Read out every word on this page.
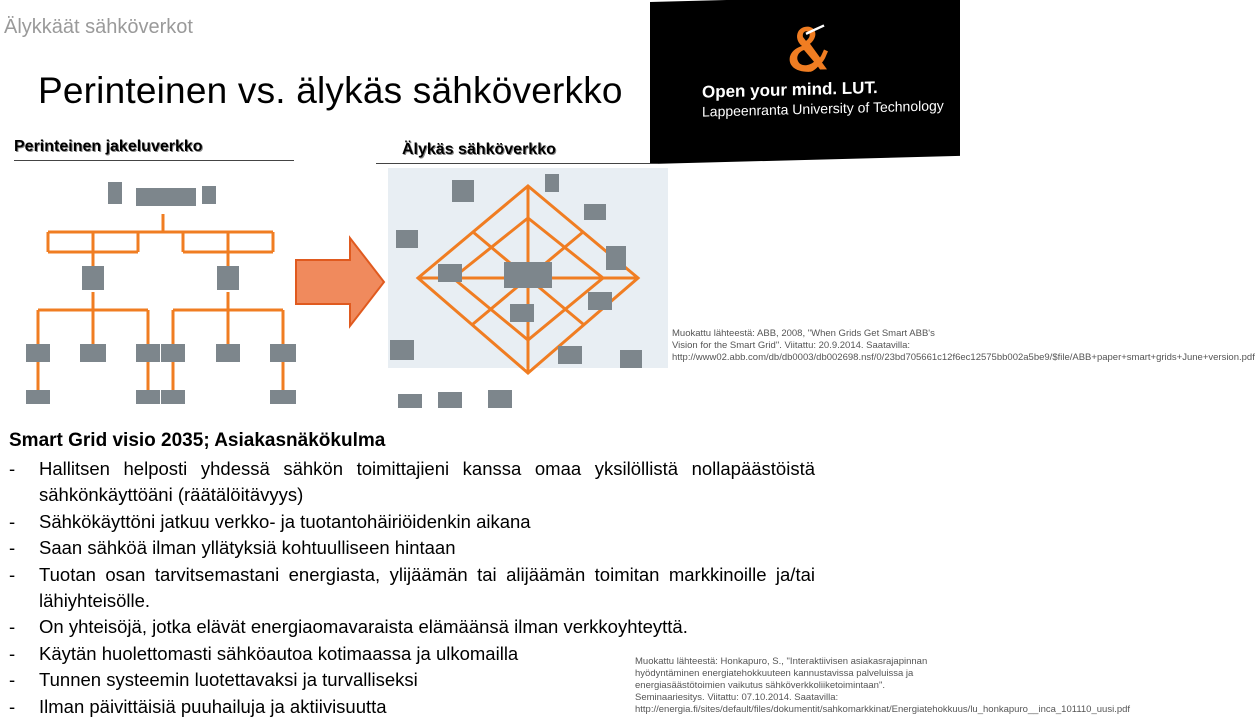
Älykkäät sähköverkot
Perinteinen vs. älykäs sähköverkko	Open your mind. LUT.
Lappeenranta University of Technology
Perinteinen jakeluverkko	Älykäs sähköverkko
Muokattu lähteestä: ABB, 2008, "When Grids Get Smart ABB's Vision for the Smart Grid". Viitattu: 20.9.2014. Saatavilla: http://www02.abb.com/db/db0003/db002698.nsf/0/23bd705661c12f6ec12575bb002a5be9/$file/ABB+paper+smart+grids+June+version.pdf
Smart Grid visio 2035; Asiakasnäkökulma
-	Hallitsen helposti yhdessä sähkön toimittajieni kanssa omaa yksilöllistä nollapäästöistä sähkönkäyttöäni (räätälöitävyys)
-	Sähkökäyttöni jatkuu verkko- ja tuotantohäiriöidenkin aikana
-	Saan sähköä ilman yllätyksiä kohtuulliseen hintaan
-	Tuotan osan tarvitsemastani energiasta, ylijäämän tai alijäämän toimitan markkinoille ja/tai lähiyhteisölle.
-	On yhteisöjä, jotka elävät energiaomavaraista elämäänsä ilman verkkoyhteyttä.
-	Käytän huolettomasti sähköautoa kotimaassa ja ulkomailla
-	Tunnen systeemin luotettavaksi ja turvalliseksi
-	Ilman päivittäisiä puuhailuja ja aktiivisuutta
Muokattu lähteestä: Honkapuro, S., "Interaktiivisen asiakasrajapinnan hyödyntäminen energiatehokkuuteen kannustavissa palveluissa ja energiasäästötoimien vaikutus sähköverkkoliiketoimintaan". Seminaariesitys. Viitattu: 07.10.2014. Saatavilla: http://energia.fi/sites/default/files/dokumentit/sahkomarkkinat/Energiatehokkuus/lu_honkapuro__inca_101110_uusi.pdf
